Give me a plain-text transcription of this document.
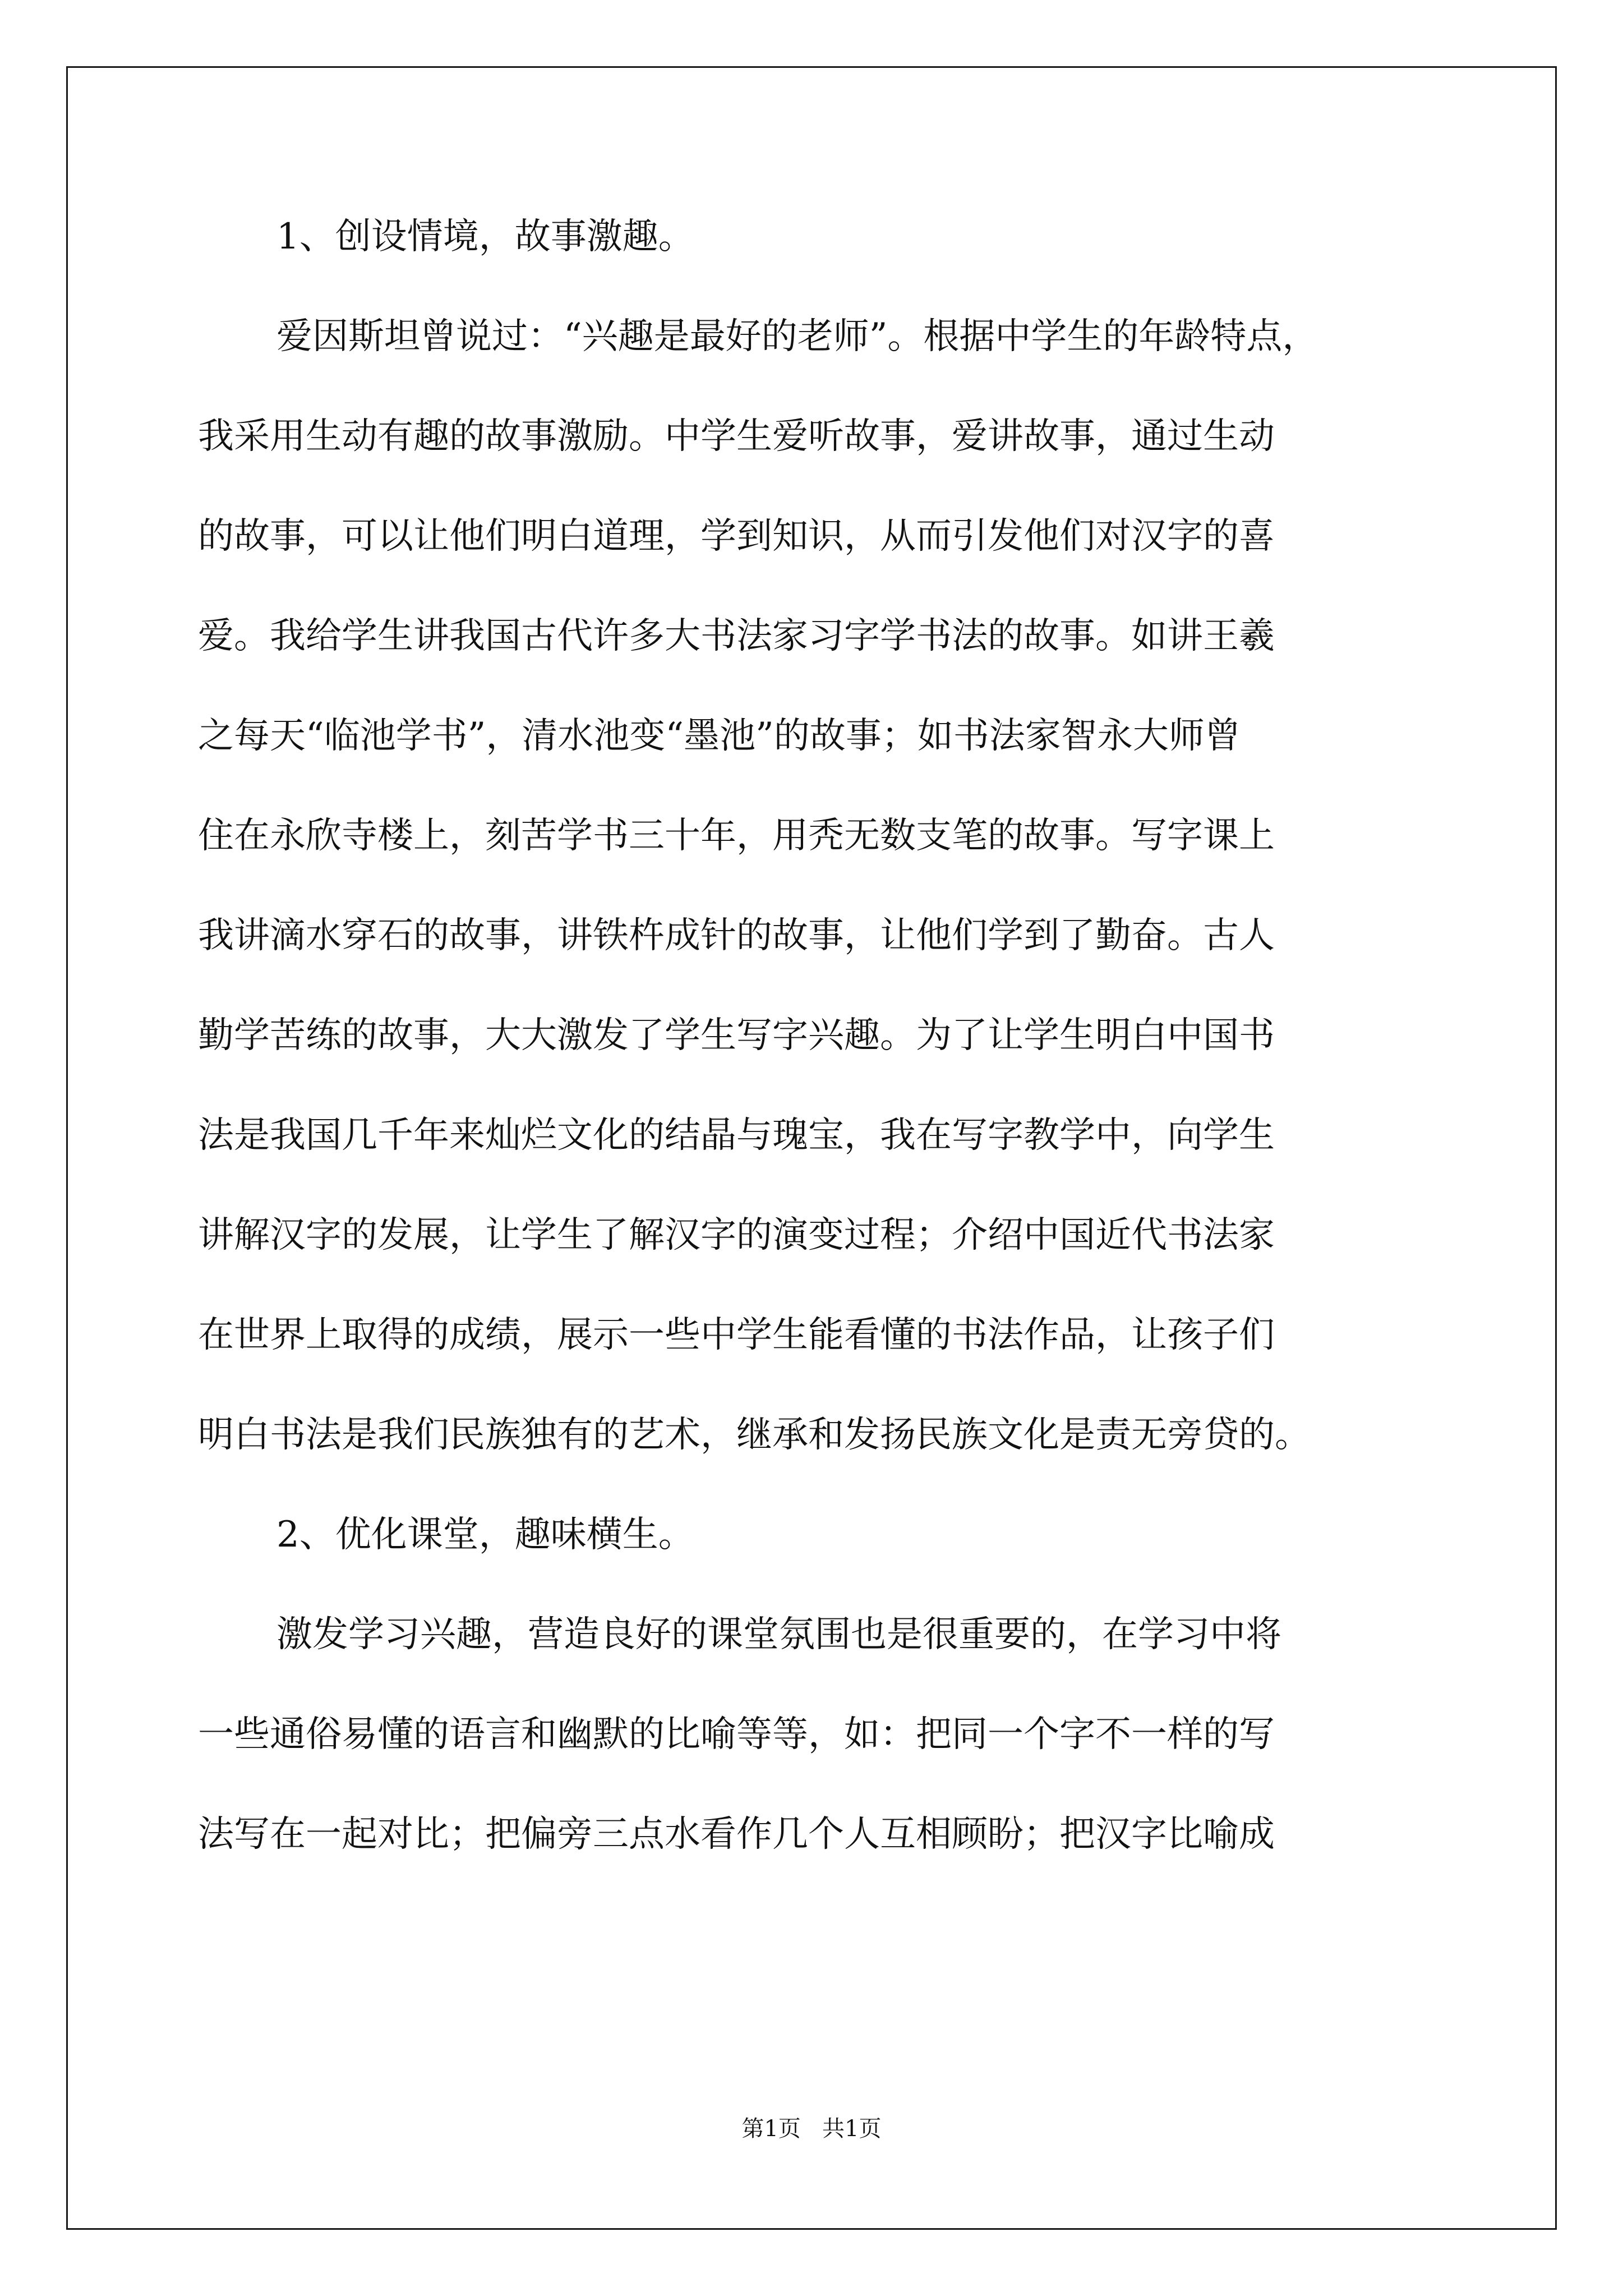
1、创设情境，故事激趣。
爱因斯坦曾说过：“兴趣是最好的老师”。根据中学生的年龄特点，
我采用生动有趣的故事激励。中学生爱听故事，爱讲故事，通过生动
的故事，可以让他们明白道理，学到知识，从而引发他们对汉字的喜
爱。我给学生讲我国古代许多大书法家习字学书法的故事。如讲王羲
之每天“临池学书”，清水池变“墨池”的故事；如书法家智永大师曾
住在永欣寺楼上，刻苦学书三十年，用秃无数支笔的故事。写字课上
我讲滴水穿石的故事，讲铁杵成针的故事，让他们学到了勤奋。古人
勤学苦练的故事，大大激发了学生写字兴趣。为了让学生明白中国书
法是我国几千年来灿烂文化的结晶与瑰宝，我在写字教学中，向学生
讲解汉字的发展，让学生了解汉字的演变过程；介绍中国近代书法家
在世界上取得的成绩，展示一些中学生能看懂的书法作品，让孩子们
明白书法是我们民族独有的艺术，继承和发扬民族文化是责无旁贷的。
2、优化课堂，趣味横生。
激发学习兴趣，营造良好的课堂氛围也是很重要的，在学习中将
一些通俗易懂的语言和幽默的比喻等等，如：把同一个字不一样的写
法写在一起对比；把偏旁三点水看作几个人互相顾盼；把汉字比喻成
第1页   共1页
